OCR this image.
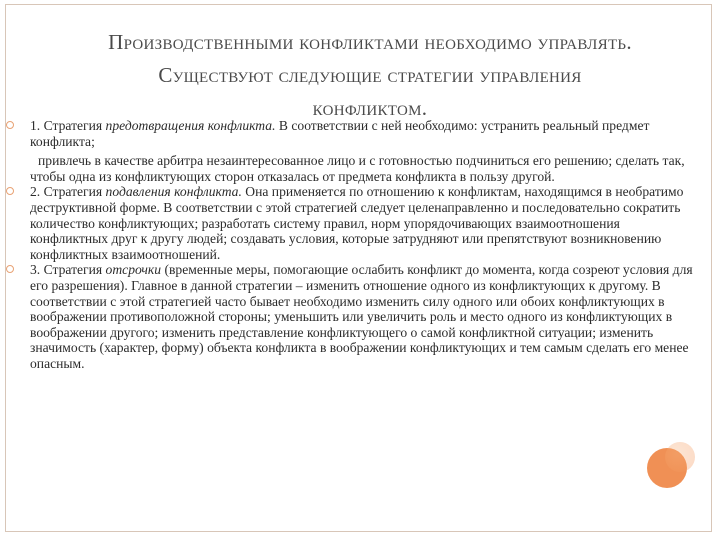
Производственными конфликтами необходимо управлять.
Существуют следующие стратегии управления
конфликтом.

1. Стратегия предотвращения конфликта. В соответствии с ней необходимо: устранить реальный предмет конфликта;

привлечь в качестве арбитра незаинтересованное лицо и с готовностью подчиниться его решению; сделать так, чтобы одна из конфликтующих сторон отказалась от предмета конфликта в пользу другой.

2. Стратегия подавления конфликта. Она применяется по отношению к конфликтам, находящимся в необратимо деструктивной форме. В соответствии с этой стратегией следует целенаправленно и последовательно сократить количество конфликтующих; разработать систему правил, норм упорядочивающих взаимоотношения конфликтных друг к другу людей; создавать условия, которые затрудняют или препятствуют возникновению конфликтных взаимоотношений.

3. Стратегия отсрочки (временные меры, помогающие ослабить конфликт до момента, когда созреют условия для его разрешения). Главное в данной стратегии – изменить отношение одного из конфликтующих к другому. В соответствии с этой стратегией часто бывает необходимо изменить силу одного или обоих конфликтующих в воображении противоположной стороны; уменьшить или увеличить роль и место одного из конфликтующих в воображении другого; изменить представление конфликтующего о самой конфликтной ситуации; изменить значимость (характер, форму) объекта конфликта в воображении конфликтующих и тем самым сделать его менее опасным.
